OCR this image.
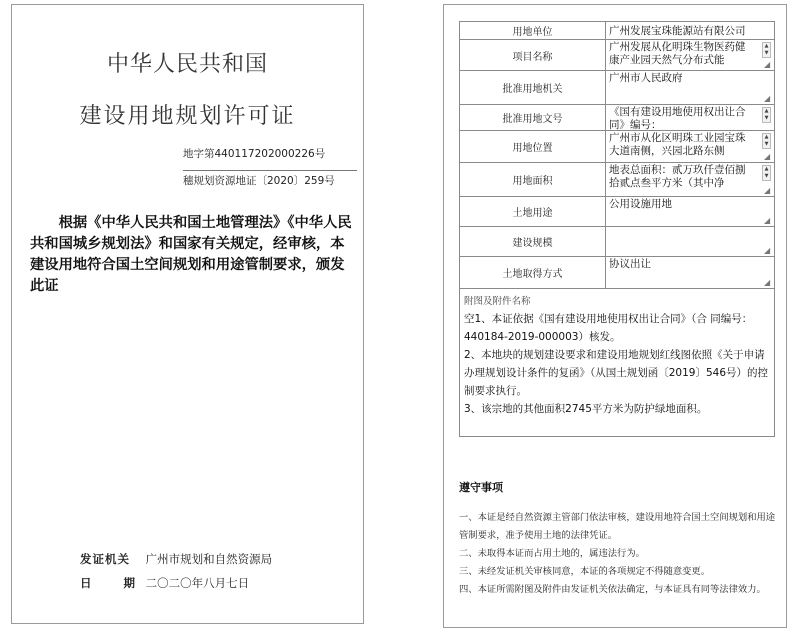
中华人民共和国
建设用地规划许可证
地字第440117202000226号
穗规划资源地证〔2020〕259号
根据《中华人民共和国土地管理法》《中华人民共和国城乡规划法》和国家有关规定，经审核，本建设用地符合国土空间规划和用途管制要求，颁发此证
发证机关 广州市规划和自然资源局
日 期 二〇二〇年八月七日
用地单位	广州发展宝珠能源站有限公司
项目名称
广州发展从化明珠生物医药健康产业园天然气分布式能
▲
▼
◢
批准用地机关
广州市人民政府
◢
批准用地文号
《国有建设用地使用权出让合同》编号：
▲
▼
用地位置
广州市从化区明珠工业园宝珠大道南侧，兴园北路东侧
▲
▼
◢
用地面积
地表总面积：贰万玖仟壹佰捌拾贰点叁平方米（其中净
▲
▼
◢
土地用途
公用设施用地
◢
建设规模
◢
土地取得方式
协议出让
◢
附图及附件名称
空1、本证依据《国有建设用地使用权出让合同》（合 同编号：440184-2019-000003）核发。
2、本地块的规划建设要求和建设用地规划红线图依照《关于申请办理规划设计条件的复函》（从国土规划函〔2019〕546号）的控制要求执行。
3、该宗地的其他面积2745平方米为防护绿地面积。
遵守事项
一、本证是经自然资源主管部门依法审核，建设用地符合国土空间规划和用途管制要求，准予使用土地的法律凭证。
二、未取得本证而占用土地的，属违法行为。
三、未经发证机关审核同意，本证的各项规定不得随意变更。
四、本证所需附图及附件由发证机关依法确定，与本证具有同等法律效力。
